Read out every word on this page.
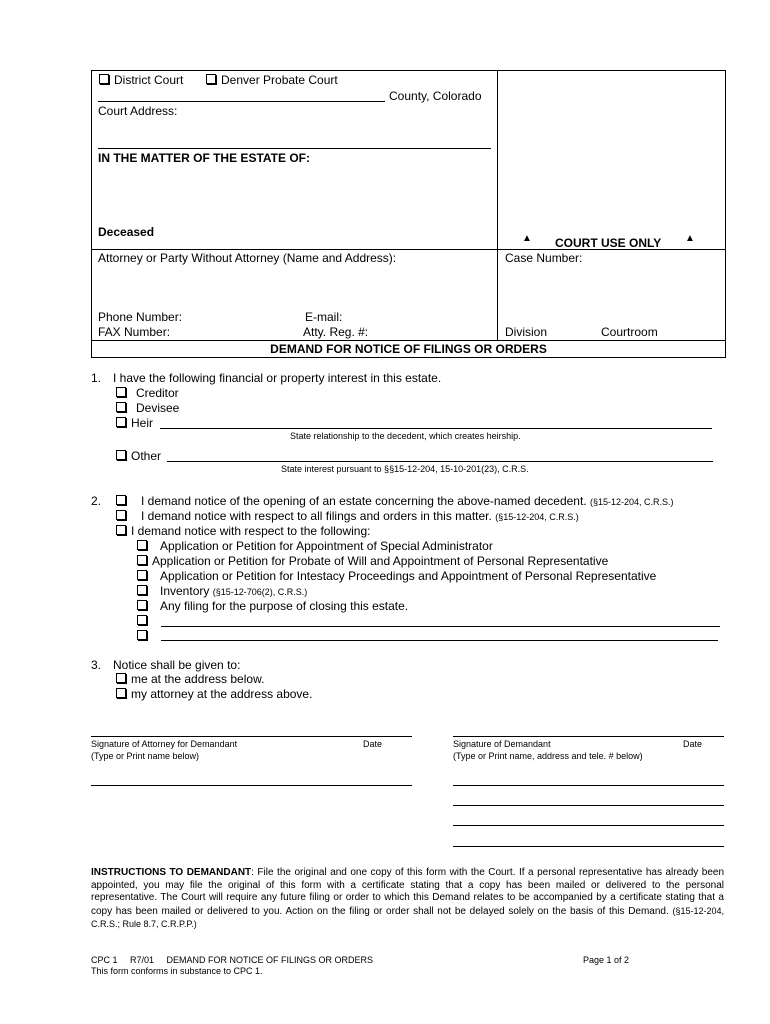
District Court	Denver Probate Court
County, Colorado
Court Address:
IN THE MATTER OF THE ESTATE OF:
Deceased	▲ COURT USE ONLY ▲
Attorney or Party Without Attorney (Name and Address):	Case Number:
Phone Number:	E-mail:
FAX Number:	Atty. Reg. #:	Division	Courtroom
DEMAND FOR NOTICE OF FILINGS OR ORDERS
1. I have the following financial or property interest in this estate.
Creditor
Devisee
Heir
State relationship to the decedent, which creates heirship.
Other
State interest pursuant to §§15-12-204, 15-10-201(23), C.R.S.
2.	I demand notice of the opening of an estate concerning the above-named decedent. (§15-12-204, C.R.S.)
I demand notice with respect to all filings and orders in this matter. (§15-12-204, C.R.S.)
I demand notice with respect to the following:
Application or Petition for Appointment of Special Administrator
Application or Petition for Probate of Will and Appointment of Personal Representative
Application or Petition for Intestacy Proceedings and Appointment of Personal Representative
Inventory (§15-12-706(2), C.R.S.)
Any filing for the purpose of closing this estate.
3. Notice shall be given to:
me at the address below.
my attorney at the address above.
Signature of Attorney for Demandant	Date
(Type or Print name below)
Signature of Demandant	Date
(Type or Print name, address and tele. # below)
INSTRUCTIONS TO DEMANDANT: File the original and one copy of this form with the Court. If a personal representative has already been appointed, you may file the original of this form with a certificate stating that a copy has been mailed or delivered to the personal representative. The Court will require any future filing or order to which this Demand relates to be accompanied by a certificate stating that a copy has been mailed or delivered to you. Action on the filing or order shall not be delayed solely on the basis of this Demand. (§15-12-204, C.R.S.; Rule 8.7, C.R.P.P.)
CPC 1     R7/01     DEMAND FOR NOTICE OF FILINGS OR ORDERS
This form conforms in substance to CPC 1.
Page 1 of 2
